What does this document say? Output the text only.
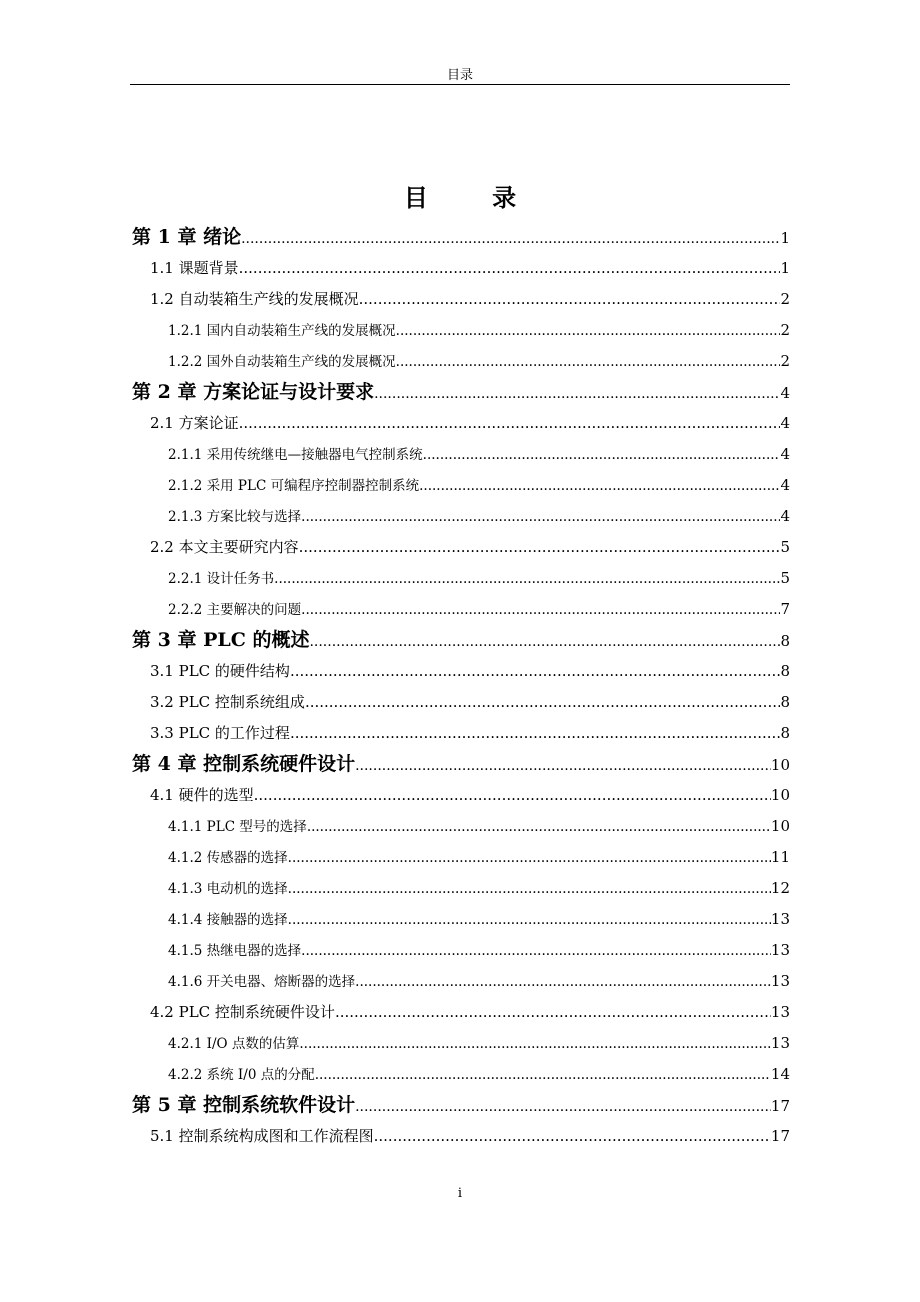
目录
目 录
第 1 章 绪论 .....	1
1.1 课题背景 .....	1
1.2 自动装箱生产线的发展概况 .....	2
1.2.1 国内自动装箱生产线的发展概况 .....	2
1.2.2 国外自动装箱生产线的发展概况 .....	2
第 2 章 方案论证与设计要求 .....	4
2.1 方案论证 .....	4
2.1.1 采用传统继电—接触器电气控制系统 .....	4
2.1.2 采用 PLC 可编程序控制器控制系统 .....	4
2.1.3 方案比较与选择 .....	4
2.2 本文主要研究内容 .....	5
2.2.1 设计任务书 .....	5
2.2.2 主要解决的问题 .....	7
第 3 章 PLC 的概述 .....	8
3.1 PLC 的硬件结构 .....	8
3.2 PLC 控制系统组成 .....	8
3.3 PLC 的工作过程 .....	8
第 4 章 控制系统硬件设计 .....	10
4.1 硬件的选型 .....	10
4.1.1 PLC 型号的选择 .....	10
4.1.2 传感器的选择 .....	11
4.1.3 电动机的选择 .....	12
4.1.4 接触器的选择 .....	13
4.1.5 热继电器的选择 .....	13
4.1.6 开关电器、熔断器的选择 .....	13
4.2 PLC 控制系统硬件设计 .....	13
4.2.1 I/O 点数的估算 .....	13
4.2.2 系统 I/0 点的分配 .....	14
第 5 章 控制系统软件设计 .....	17
5.1 控制系统构成图和工作流程图 .....	17
i
